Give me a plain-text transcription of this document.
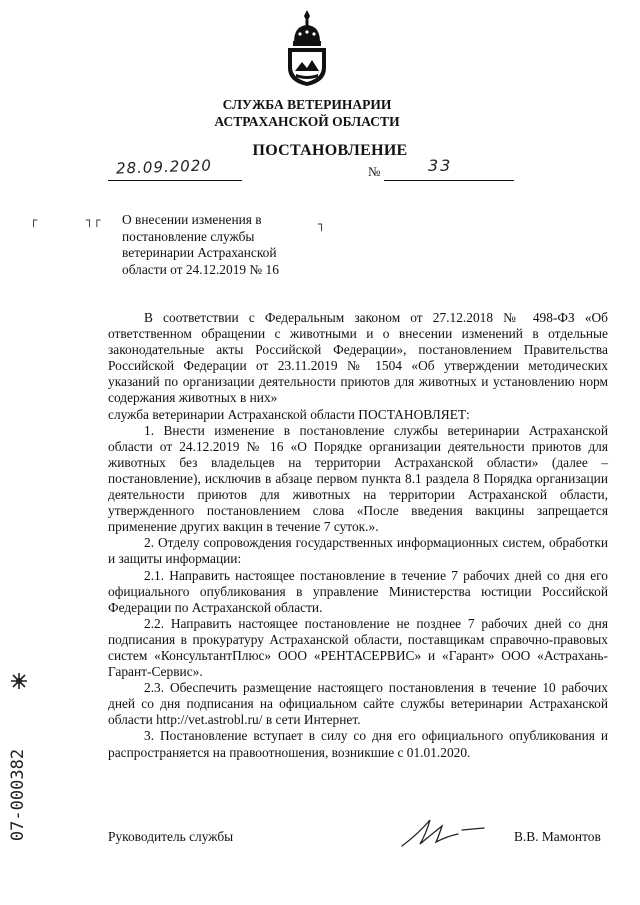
СЛУЖБА ВЕТЕРИНАРИИ
АСТРАХАНСКОЙ ОБЛАСТИ
ПОСТАНОВЛЕНИЕ
28.09.2020	№	33
┌	┐┌	┐
О внесении изменения в постановление службы ветеринарии Астраханской области от 24.12.2019 № 16

В соответствии с Федеральным законом от 27.12.2018 № 498-ФЗ «Об ответственном обращении с животными и о внесении изменений в отдельные законодательные акты Российской Федерации», постановлением Правительства Российской Федерации от 23.11.2019 № 1504 «Об утверждении методических указаний по организации деятельности приютов для животных и установлению норм содержания животных в них»

служба ветеринарии Астраханской области ПОСТАНОВЛЯЕТ:

1. Внести изменение в постановление службы ветеринарии Астраханской области от 24.12.2019 № 16 «О Порядке организации деятельности приютов для животных без владельцев на территории Астраханской области» (далее – постановление), исключив в абзаце первом пункта 8.1 раздела 8 Порядка организации деятельности приютов для животных на территории Астраханской области, утвержденного постановлением слова «После введения вакцины запрещается применение других вакцин в течение 7 суток.».

2. Отделу сопровождения государственных информационных систем, обработки и защиты информации:

2.1. Направить настоящее постановление в течение 7 рабочих дней со дня его официального опубликования в управление Министерства юстиции Российской Федерации по Астраханской области.

2.2. Направить настоящее постановление не позднее 7 рабочих дней со дня подписания в прокуратуру Астраханской области, поставщикам справочно-правовых систем «КонсультантПлюс» ООО «РЕНТАСЕРВИС» и «Гарант» ООО «Астрахань-Гарант-Сервис».

2.3. Обеспечить размещение настоящего постановления в течение 10 рабочих дней со дня подписания на официальном сайте службы ветеринарии Астраханской области http://vet.astrobl.ru/ в сети Интернет.

3. Постановление вступает в силу со дня его официального опубликования и распространяется на правоотношения, возникшие с 01.01.2020.

Руководитель службы	В.В. Мамонтов
07-000382
